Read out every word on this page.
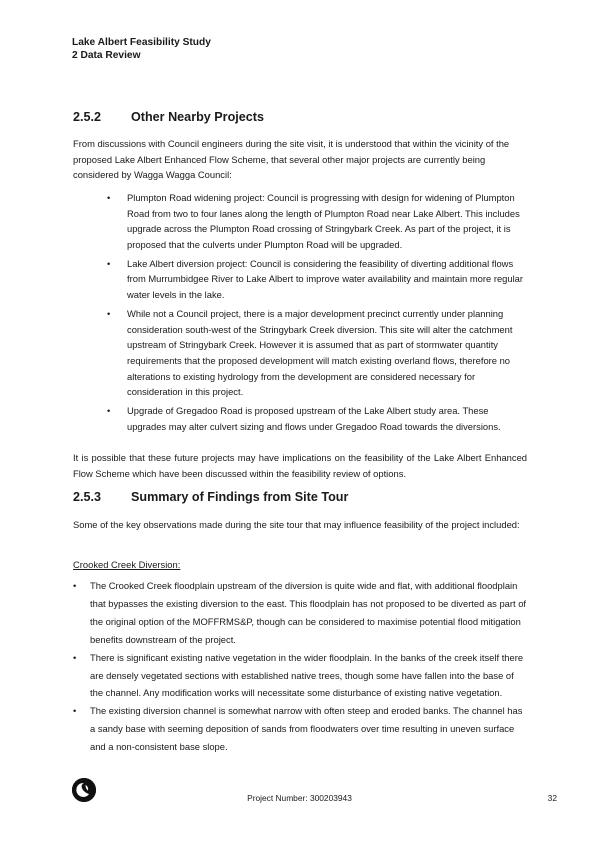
Lake Albert Feasibility Study
2 Data Review
2.5.2 Other Nearby Projects
From discussions with Council engineers during the site visit, it is understood that within the vicinity of the proposed Lake Albert Enhanced Flow Scheme, that several other major projects are currently being considered by Wagga Wagga Council:
• Plumpton Road widening project: Council is progressing with design for widening of Plumpton Road from two to four lanes along the length of Plumpton Road near Lake Albert. This includes upgrade across the Plumpton Road crossing of Stringybark Creek. As part of the project, it is proposed that the culverts under Plumpton Road will be upgraded.
• Lake Albert diversion project: Council is considering the feasibility of diverting additional flows from Murrumbidgee River to Lake Albert to improve water availability and maintain more regular water levels in the lake.
• While not a Council project, there is a major development precinct currently under planning consideration south-west of the Stringybark Creek diversion. This site will alter the catchment upstream of Stringybark Creek. However it is assumed that as part of stormwater quantity requirements that the proposed development will match existing overland flows, therefore no alterations to existing hydrology from the development are considered necessary for consideration in this project.
• Upgrade of Gregadoo Road is proposed upstream of the Lake Albert study area. These upgrades may alter culvert sizing and flows under Gregadoo Road towards the diversions.
It is possible that these future projects may have implications on the feasibility of the Lake Albert Enhanced Flow Scheme which have been discussed within the feasibility review of options.
2.5.3 Summary of Findings from Site Tour
Some of the key observations made during the site tour that may influence feasibility of the project included:
Crooked Creek Diversion:
• The Crooked Creek floodplain upstream of the diversion is quite wide and flat, with additional floodplain that bypasses the existing diversion to the east. This floodplain has not proposed to be diverted as part of the original option of the MOFFRMS&P, though can be considered to maximise potential flood mitigation benefits downstream of the project.
• There is significant existing native vegetation in the wider floodplain. In the banks of the creek itself there are densely vegetated sections with established native trees, though some have fallen into the base of the channel. Any modification works will necessitate some disturbance of existing native vegetation.
• The existing diversion channel is somewhat narrow with often steep and eroded banks. The channel has a sandy base with seeming deposition of sands from floodwaters over time resulting in uneven surface and a non-consistent base slope.
Project Number: 300203943	32
